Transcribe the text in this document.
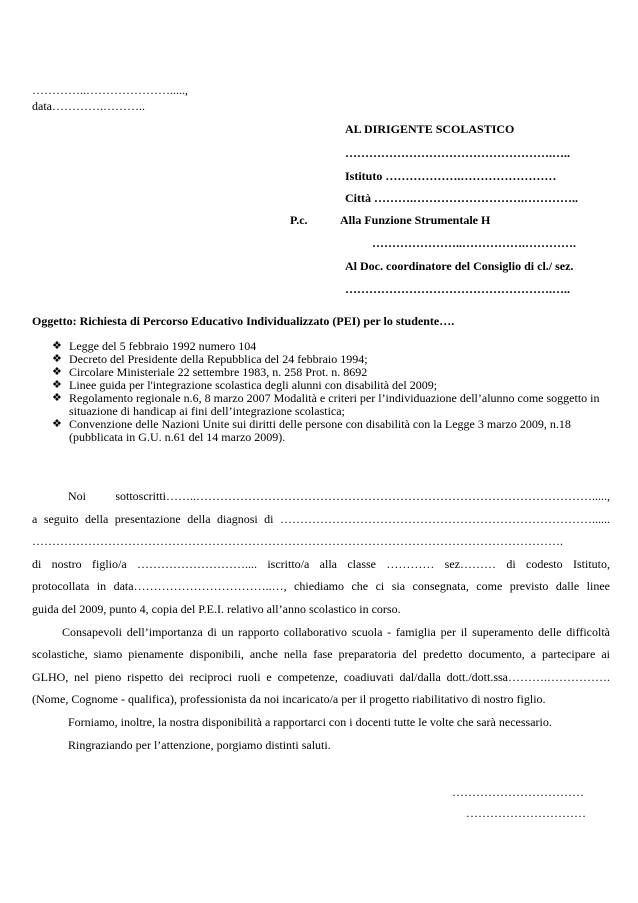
…………..………………….....,
data………….………..
AL DIRIGENTE SCOLASTICO
…………………………………………….…..
Istituto ……………….……………………
Città ……….……………………….…………..
P.c.	Alla Funzione Strumentale H
…………………..…………….………….
Al Doc. coordinatore del Consiglio di cl./ sez.
…………………………………………….…..
Oggetto: Richiesta di Percorso Educativo Individualizzato (PEI) per lo studente….
❖ Legge del 5 febbraio 1992 numero 104
❖ Decreto del Presidente della Repubblica del 24 febbraio 1994;
❖ Circolare Ministeriale 22 settembre 1983, n. 258 Prot. n. 8692
❖ Linee guida per l'integrazione scolastica degli alunni con disabilità del 2009;
❖ Regolamento regionale n.6, 8 marzo 2007 Modalità e criteri per l’individuazione dell’alunno come soggetto in situazione di handicap ai fini dell’integrazione scolastica;
❖ Convenzione delle Nazioni Unite sui diritti delle persone con disabilità con la Legge 3 marzo 2009, n.18 (pubblicata in G.U. n.61 del 14 marzo 2009).

Noi sottoscritti……..……………………………………………………………………………………….....,

a seguito della presentazione della diagnosi di ……………………………………………………………………......

…………………………………………………………………………………………………………………….

di nostro figlio/a ……………………….... iscritto/a alla classe ………… sez……… di codesto Istituto,

protocollata in data……………………………..…, chiediamo che ci sia consegnata, come previsto dalle linee

guida del 2009, punto 4, copia del P.E.I. relativo all’anno scolastico in corso.

Consapevoli dell’importanza di un rapporto collaborativo scuola - famiglia per il superamento delle difficoltà scolastiche, siamo pienamente disponibili, anche nella fase preparatoria del predetto documento, a partecipare ai GLHO, nel pieno rispetto dei reciproci ruoli e competenze, coadiuvati dal/dalla dott./dott.ssa……….…………….(Nome, Cognome - qualifica), professionista da noi incaricato/a per il progetto riabilitativo di nostro figlio.

Forniamo, inoltre, la nostra disponibilità a rapportarci con i docenti tutte le volte che sarà necessario.

Ringraziando per l’attenzione, porgiamo distinti saluti.

……………………………
…………………………
